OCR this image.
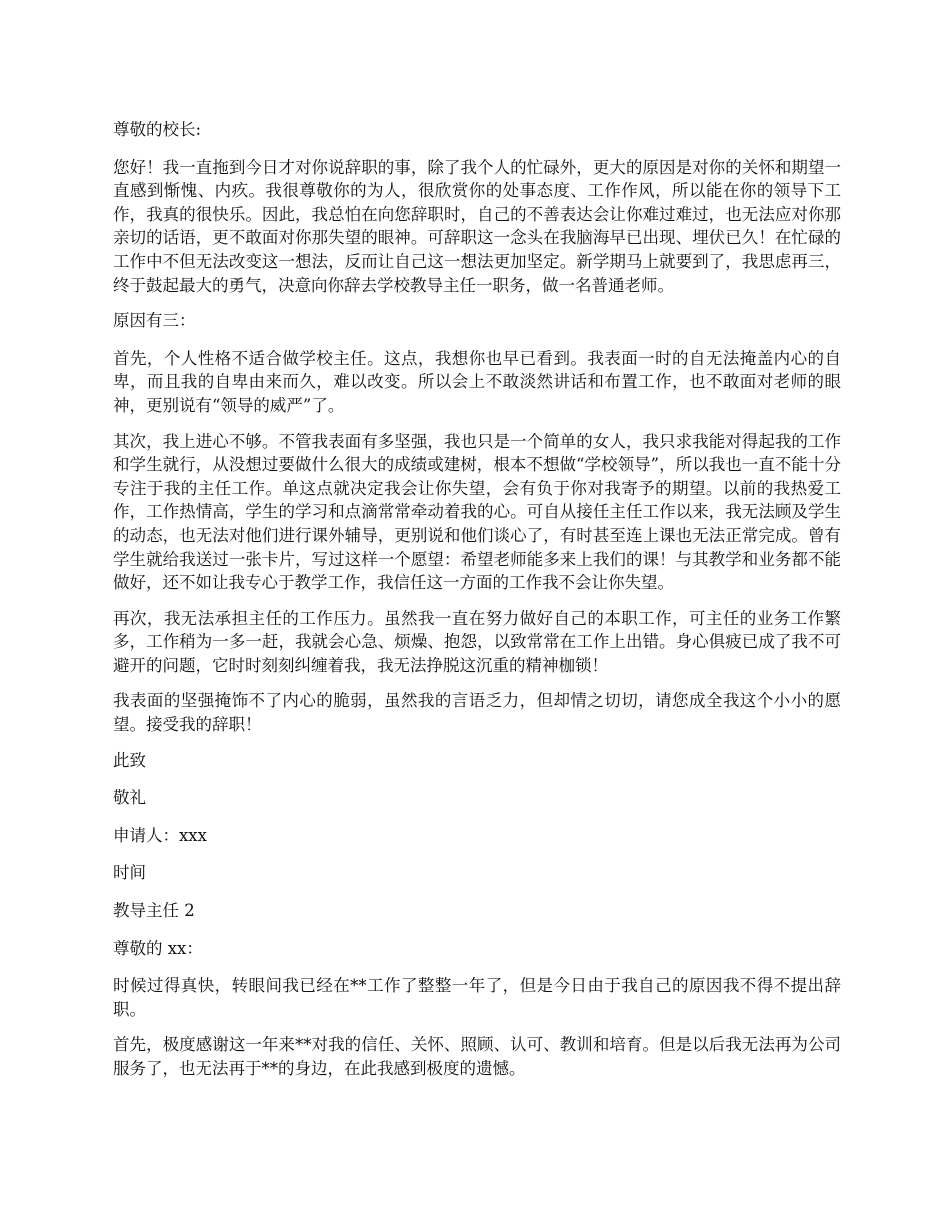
尊敬的校长:

您好！我一直拖到今日才对你说辞职的事，除了我个人的忙碌外，更大的原因是对你的关怀和期望一直感到惭愧、内疚。我很尊敬你的为人，很欣赏你的处事态度、工作作风，所以能在你的领导下工作，我真的很快乐。因此，我总怕在向您辞职时，自己的不善表达会让你难过难过，也无法应对你那亲切的话语，更不敢面对你那失望的眼神。可辞职这一念头在我脑海早已出现、埋伏已久！在忙碌的工作中不但无法改变这一想法，反而让自己这一想法更加坚定。新学期马上就要到了，我思虑再三，终于鼓起最大的勇气，决意向你辞去学校教导主任一职务，做一名普通老师。

原因有三：

首先，个人性格不适合做学校主任。这点，我想你也早已看到。我表面一时的自无法掩盖内心的自卑，而且我的自卑由来而久，难以改变。所以会上不敢淡然讲话和布置工作，也不敢面对老师的眼神，更别说有“领导的威严”了。

其次，我上进心不够。不管我表面有多坚强，我也只是一个简单的女人，我只求我能对得起我的工作和学生就行，从没想过要做什么很大的成绩或建树，根本不想做“学校领导”，所以我也一直不能十分专注于我的主任工作。单这点就决定我会让你失望，会有负于你对我寄予的期望。以前的我热爱工作，工作热情高，学生的学习和点滴常常牵动着我的心。可自从接任主任工作以来，我无法顾及学生的动态，也无法对他们进行课外辅导，更别说和他们谈心了，有时甚至连上课也无法正常完成。曾有学生就给我送过一张卡片，写过这样一个愿望：希望老师能多来上我们的课！与其教学和业务都不能做好，还不如让我专心于教学工作，我信任这一方面的工作我不会让你失望。

再次，我无法承担主任的工作压力。虽然我一直在努力做好自己的本职工作，可主任的业务工作繁多，工作稍为一多一赶，我就会心急、烦燥、抱怨，以致常常在工作上出错。身心俱疲已成了我不可避开的问题，它时时刻刻纠缠着我，我无法挣脱这沉重的精神枷锁！

我表面的坚强掩饰不了内心的脆弱，虽然我的言语乏力，但却情之切切，请您成全我这个小小的愿望。接受我的辞职！

此致

敬礼

申请人：xxx

时间

教导主任 2

尊敬的 xx：

时候过得真快，转眼间我已经在**工作了整整一年了，但是今日由于我自己的原因我不得不提出辞职。

首先，极度感谢这一年来**对我的信任、关怀、照顾、认可、教训和培育。但是以后我无法再为公司服务了，也无法再于**的身边，在此我感到极度的遗憾。
